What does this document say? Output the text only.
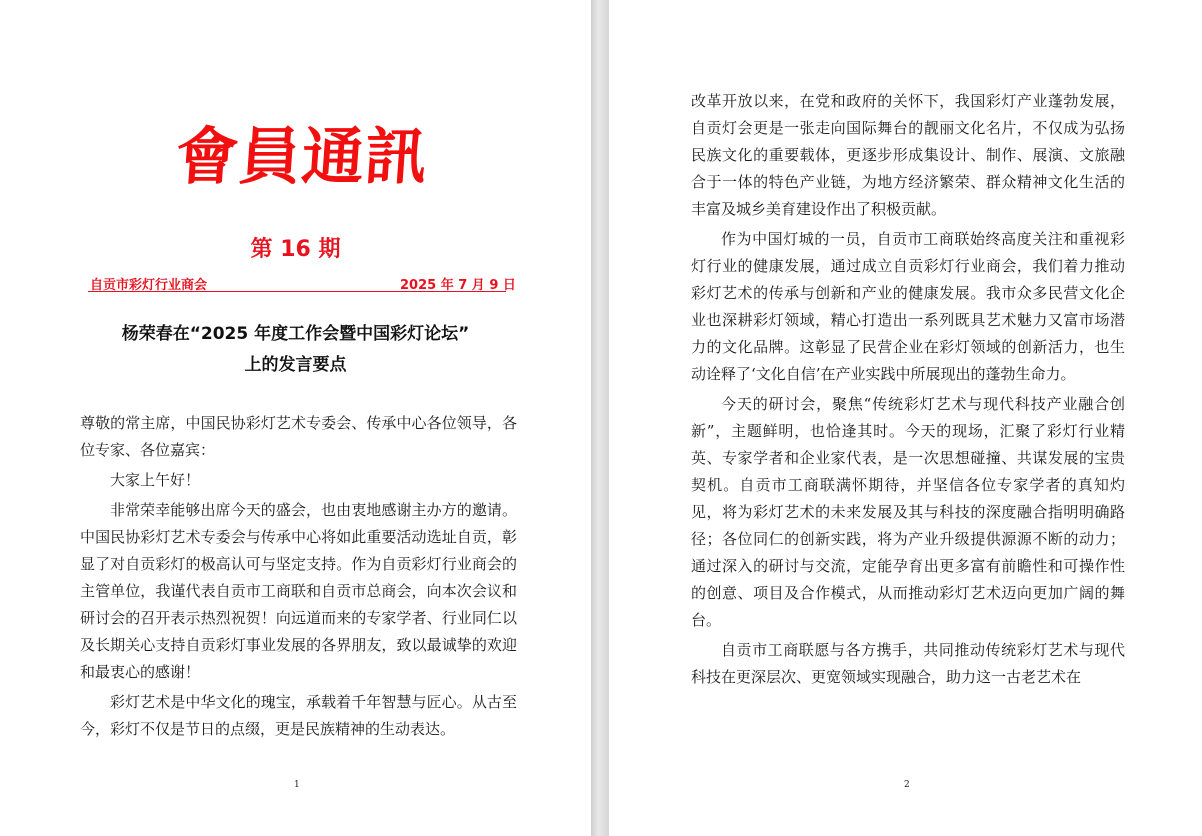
會員通訊
第 16 期
自贡市彩灯行业商会	2025 年 7 月 9 日
杨荣春在“2025 年度工作会暨中国彩灯论坛”
上的发言要点

尊敬的常主席，中国民协彩灯艺术专委会、传承中心各位领导，各位专家、各位嘉宾：

大家上午好！

非常荣幸能够出席今天的盛会，也由衷地感谢主办方的邀请。中国民协彩灯艺术专委会与传承中心将如此重要活动选址自贡，彰显了对自贡彩灯的极高认可与坚定支持。作为自贡彩灯行业商会的主管单位，我谨代表自贡市工商联和自贡市总商会，向本次会议和研讨会的召开表示热烈祝贺！向远道而来的专家学者、行业同仁以及长期关心支持自贡彩灯事业发展的各界朋友，致以最诚挚的欢迎和最衷心的感谢！

彩灯艺术是中华文化的瑰宝，承载着千年智慧与匠心。从古至今，彩灯不仅是节日的点缀，更是民族精神的生动表达。

1

改革开放以来，在党和政府的关怀下，我国彩灯产业蓬勃发展，自贡灯会更是一张走向国际舞台的靓丽文化名片，不仅成为弘扬民族文化的重要载体，更逐步形成集设计、制作、展演、文旅融合于一体的特色产业链，为地方经济繁荣、群众精神文化生活的丰富及城乡美育建设作出了积极贡献。

作为中国灯城的一员，自贡市工商联始终高度关注和重视彩灯行业的健康发展，通过成立自贡彩灯行业商会，我们着力推动彩灯艺术的传承与创新和产业的健康发展。我市众多民营文化企业也深耕彩灯领域，精心打造出一系列既具艺术魅力又富市场潜力的文化品牌。这彰显了民营企业在彩灯领域的创新活力，也生动诠释了‘文化自信’在产业实践中所展现出的蓬勃生命力。

今天的研讨会，聚焦“传统彩灯艺术与现代科技产业融合创新”，主题鲜明，也恰逢其时。今天的现场，汇聚了彩灯行业精英、专家学者和企业家代表，是一次思想碰撞、共谋发展的宝贵契机。自贡市工商联满怀期待，并坚信各位专家学者的真知灼见，将为彩灯艺术的未来发展及其与科技的深度融合指明明确路径；各位同仁的创新实践，将为产业升级提供源源不断的动力；通过深入的研讨与交流，定能孕育出更多富有前瞻性和可操作性的创意、项目及合作模式，从而推动彩灯艺术迈向更加广阔的舞台。

自贡市工商联愿与各方携手，共同推动传统彩灯艺术与现代科技在更深层次、更宽领域实现融合，助力这一古老艺术在

2
